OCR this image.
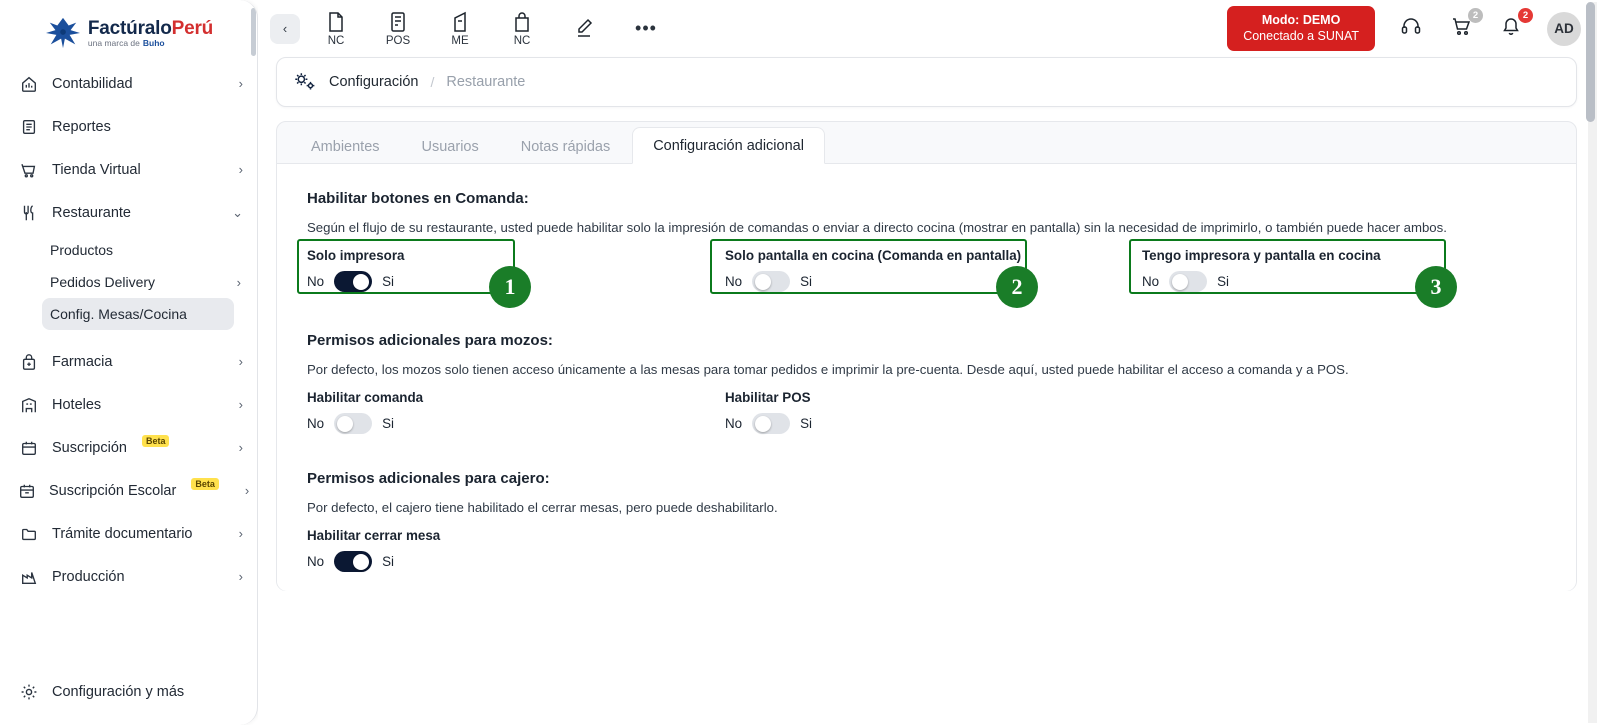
FactúraloPerú
una marca de Buho
Contabilidad	›
Reportes
Tienda Virtual	›
Restaurante	⌄
Productos
Pedidos Delivery	›
Config. Mesas/Cocina
Farmacia	›
Hoteles	›
Suscripción	Beta	›
Suscripción Escolar	Beta	›
Trámite documentario	›
Producción	›
Configuración y más
‹
NC	POS	ME	NC
•••	Modo: DEMO
Conectado a SUNAT
2	2
AD
Configuración / Restaurante
Ambientes	Usuarios	Notas rápidas	Configuración adicional
Habilitar botones en Comanda:
Según el flujo de su restaurante, usted puede habilitar solo la impresión de comandas o enviar a directo cocina (mostrar en pantalla) sin la necesidad de imprimirlo, o también puede hacer ambos.
Solo impresora
No	Si
Solo pantalla en cocina (Comanda en pantalla)
No	Si
Tengo impresora y pantalla en cocina
No	Si
1	2	3
Permisos adicionales para mozos:
Por defecto, los mozos solo tienen acceso únicamente a las mesas para tomar pedidos e imprimir la pre-cuenta. Desde aquí, usted puede habilitar el acceso a comanda y a POS.
Habilitar comanda
No	Si
Habilitar POS
No	Si
Permisos adicionales para cajero:
Por defecto, el cajero tiene habilitado el cerrar mesas, pero puede deshabilitarlo.
Habilitar cerrar mesa
No	Si
